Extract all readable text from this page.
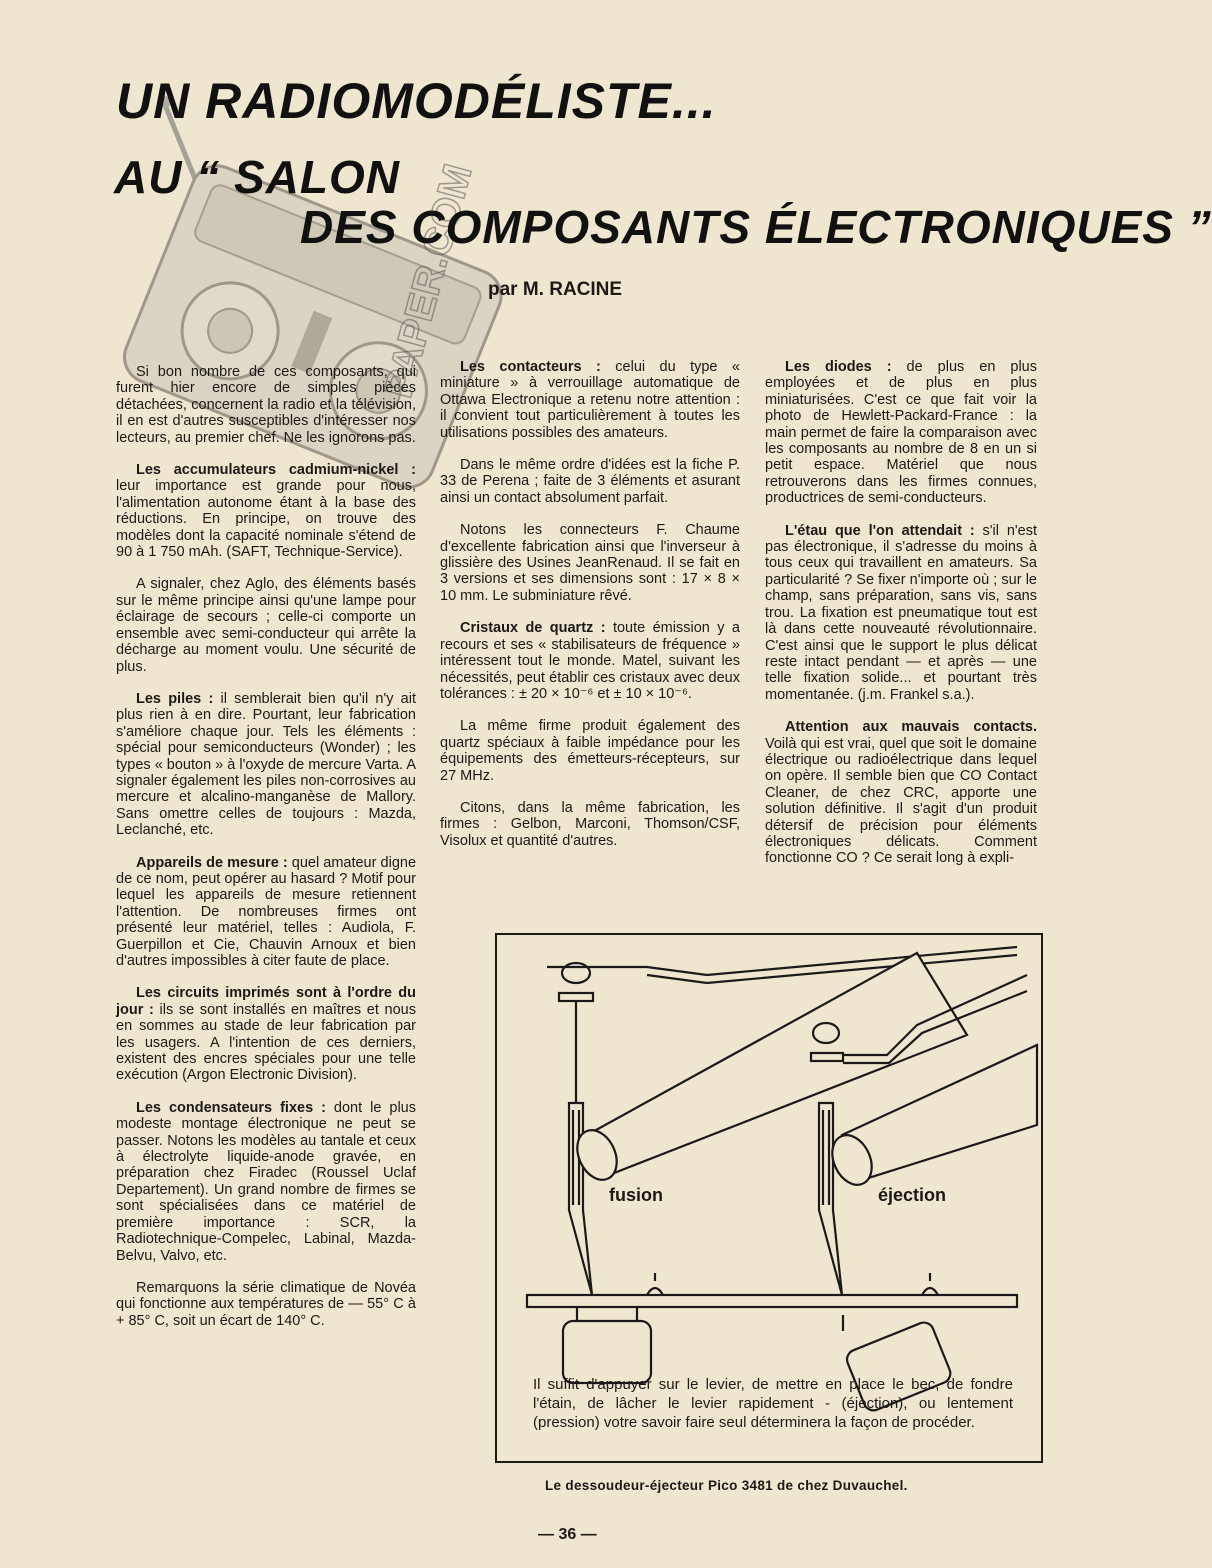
PAPER.COM
UN RADIOMODÉLISTE...
AU “ SALON
DES COMPOSANTS ÉLECTRONIQUES ”

par M. RACINE

Si bon nombre de ces composants, qui furent hier encore de simples pièces détachées, concernent la radio et la télévision, il en est d'autres susceptibles d'intéresser nos lecteurs, au premier chef. Ne les ignorons pas.

Les accumulateurs cadmium-nickel : leur importance est grande pour nous, l'alimentation autonome étant à la base des réductions. En principe, on trouve des modèles dont la capacité nominale s'étend de 90 à 1 750 mAh. (SAFT, Technique-Service).

A signaler, chez Aglo, des éléments basés sur le même principe ainsi qu'une lampe pour éclairage de secours ; celle-ci comporte un ensemble avec semi-conducteur qui arrête la décharge au moment voulu. Une sécurité de plus.

Les piles : il semblerait bien qu'il n'y ait plus rien à en dire. Pourtant, leur fabrication s'améliore chaque jour. Tels les éléments : spécial pour semiconducteurs (Wonder) ; les types « bouton » à l'oxyde de mercure Varta. A signaler également les piles non-corrosives au mercure et alcalino-manganèse de Mallory. Sans omettre celles de toujours : Mazda, Leclanché, etc.

Appareils de mesure : quel amateur digne de ce nom, peut opérer au hasard ? Motif pour lequel les appareils de mesure retiennent l'attention. De nombreuses firmes ont présenté leur matériel, telles : Audiola, F. Guerpillon et Cie, Chauvin Arnoux et bien d'autres impossibles à citer faute de place.

Les circuits imprimés sont à l'ordre du jour : ils se sont installés en maîtres et nous en sommes au stade de leur fabrication par les usagers. A l'intention de ces derniers, existent des encres spéciales pour une telle exécution (Argon Electronic Division).

Les condensateurs fixes : dont le plus modeste montage électronique ne peut se passer. Notons les modèles au tantale et ceux à électrolyte liquide-anode gravée, en préparation chez Firadec (Roussel Uclaf Departement). Un grand nombre de firmes se sont spécialisées dans ce matériel de première importance : SCR, la Radiotechnique-Compelec, Labinal, Mazda-Belvu, Valvo, etc.

Remarquons la série climatique de Novéa qui fonctionne aux températures de — 55° C à + 85° C, soit un écart de 140° C.

Les contacteurs : celui du type « miniature » à verrouillage automatique de Ottawa Electronique a retenu notre attention : il convient tout particulièrement à toutes les utilisations possibles des amateurs.

Dans le même ordre d'idées est la fiche P. 33 de Perena ; faite de 3 éléments et asurant ainsi un contact absolument parfait.

Notons les connecteurs F. Chaume d'excellente fabrication ainsi que l'inverseur à glissière des Usines JeanRenaud. Il se fait en 3 versions et ses dimensions sont : 17 × 8 × 10 mm. Le subminiature rêvé.

Cristaux de quartz : toute émission y a recours et ses « stabilisateurs de fréquence » intéressent tout le monde. Matel, suivant les nécessités, peut établir ces cristaux avec deux tolérances : ± 20 × 10⁻⁶ et ± 10 × 10⁻⁶.

La même firme produit également des quartz spéciaux à faible impédance pour les équipements des émetteurs-récepteurs, sur 27 MHz.

Citons, dans la même fabrication, les firmes : Gelbon, Marconi, Thomson/CSF, Visolux et quantité d'autres.

Les diodes : de plus en plus employées et de plus en plus miniaturisées. C'est ce que fait voir la photo de Hewlett-Packard-France : la main permet de faire la comparaison avec les composants au nombre de 8 en un si petit espace. Matériel que nous retrouverons dans les firmes connues, productrices de semi-conducteurs.

L'étau que l'on attendait : s'il n'est pas électronique, il s'adresse du moins à tous ceux qui travaillent en amateurs. Sa particularité ? Se fixer n'importe où ; sur le champ, sans préparation, sans vis, sans trou. La fixation est pneumatique tout est là dans cette nouveauté révolutionnaire. C'est ainsi que le support le plus délicat reste intact pendant — et après — une telle fixation solide... et pourtant très momentanée. (j.m. Frankel s.a.).

Attention aux mauvais contacts. Voilà qui est vrai, quel que soit le domaine électrique ou radioélectrique dans lequel on opère. Il semble bien que CO Contact Cleaner, de chez CRC, apporte une solution définitive. Il s'agit d'un produit détersif de précision pour éléments électroniques délicats. Comment fonctionne CO ? Ce serait long à expli-

fusion	éjection

Il suffit d'appuyer sur le levier, de mettre en place le bec, de fondre l'étain, de lâcher le levier rapidement - (éjection), ou lentement (pression) votre savoir faire seul déterminera la façon de procéder.

Le dessoudeur-éjecteur Pico 3481 de chez Duvauchel.

— 36 —
